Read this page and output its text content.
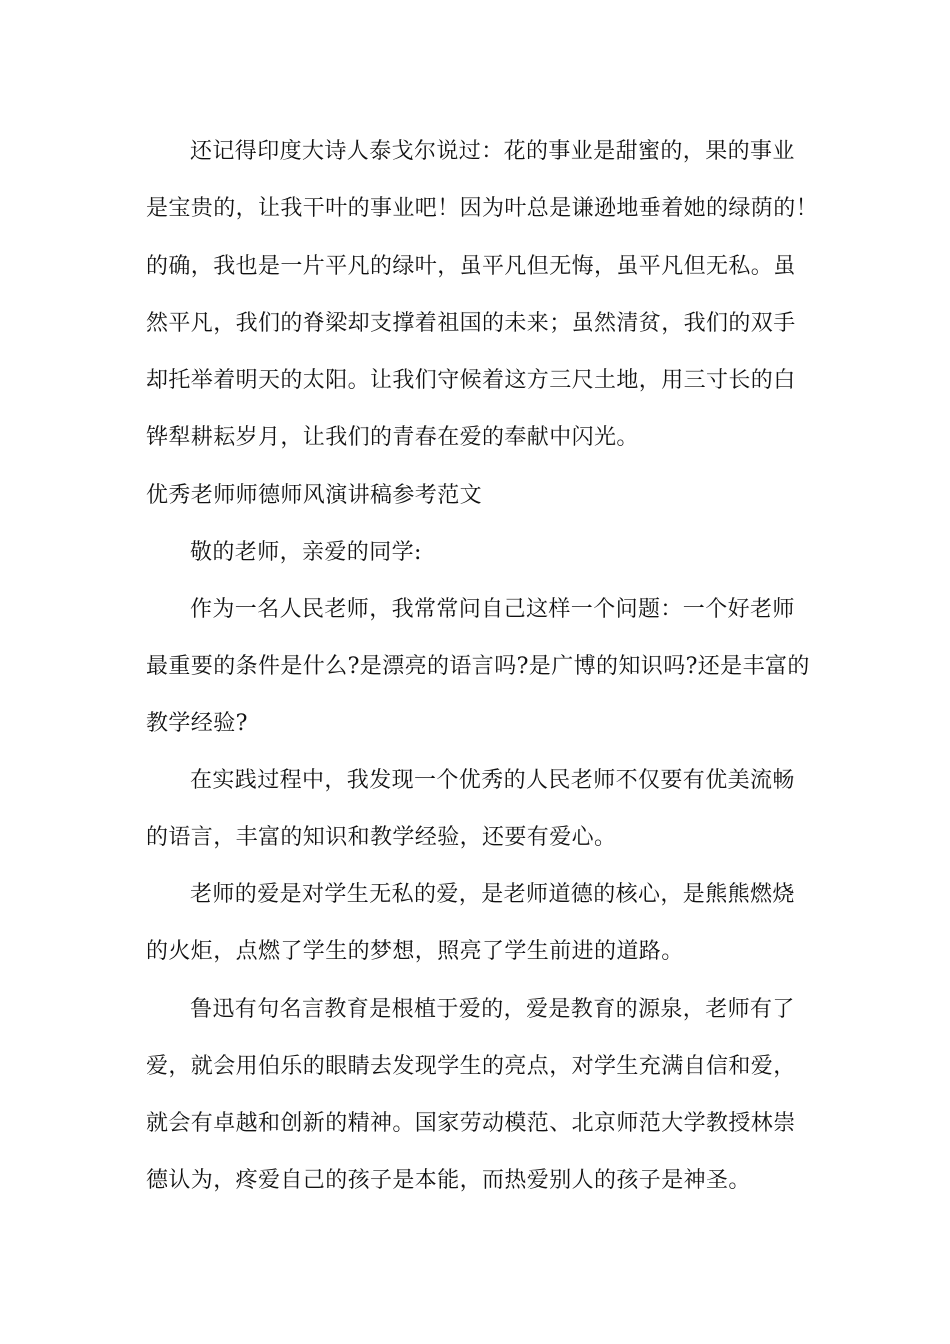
还记得印度大诗人泰戈尔说过：花的事业是甜蜜的，果的事业
是宝贵的，让我干叶的事业吧！因为叶总是谦逊地垂着她的绿荫的！
的确，我也是一片平凡的绿叶，虽平凡但无悔，虽平凡但无私。虽
然平凡，我们的脊梁却支撑着祖国的未来；虽然清贫，我们的双手
却托举着明天的太阳。让我们守候着这方三尺土地，用三寸长的白
铧犁耕耘岁月，让我们的青春在爱的奉献中闪光。
优秀老师师德师风演讲稿参考范文
敬的老师，亲爱的同学:
作为一名人民老师，我常常问自己这样一个问题：一个好老师
最重要的条件是什么?是漂亮的语言吗?是广博的知识吗?还是丰富的
教学经验?
在实践过程中，我发现一个优秀的人民老师不仅要有优美流畅
的语言，丰富的知识和教学经验，还要有爱心。
老师的爱是对学生无私的爱，是老师道德的核心，是熊熊燃烧
的火炬，点燃了学生的梦想，照亮了学生前进的道路。
鲁迅有句名言教育是根植于爱的，爱是教育的源泉，老师有了
爱，就会用伯乐的眼睛去发现学生的亮点，对学生充满自信和爱，
就会有卓越和创新的精神。国家劳动模范、北京师范大学教授林崇
德认为，疼爱自己的孩子是本能，而热爱别人的孩子是神圣。
